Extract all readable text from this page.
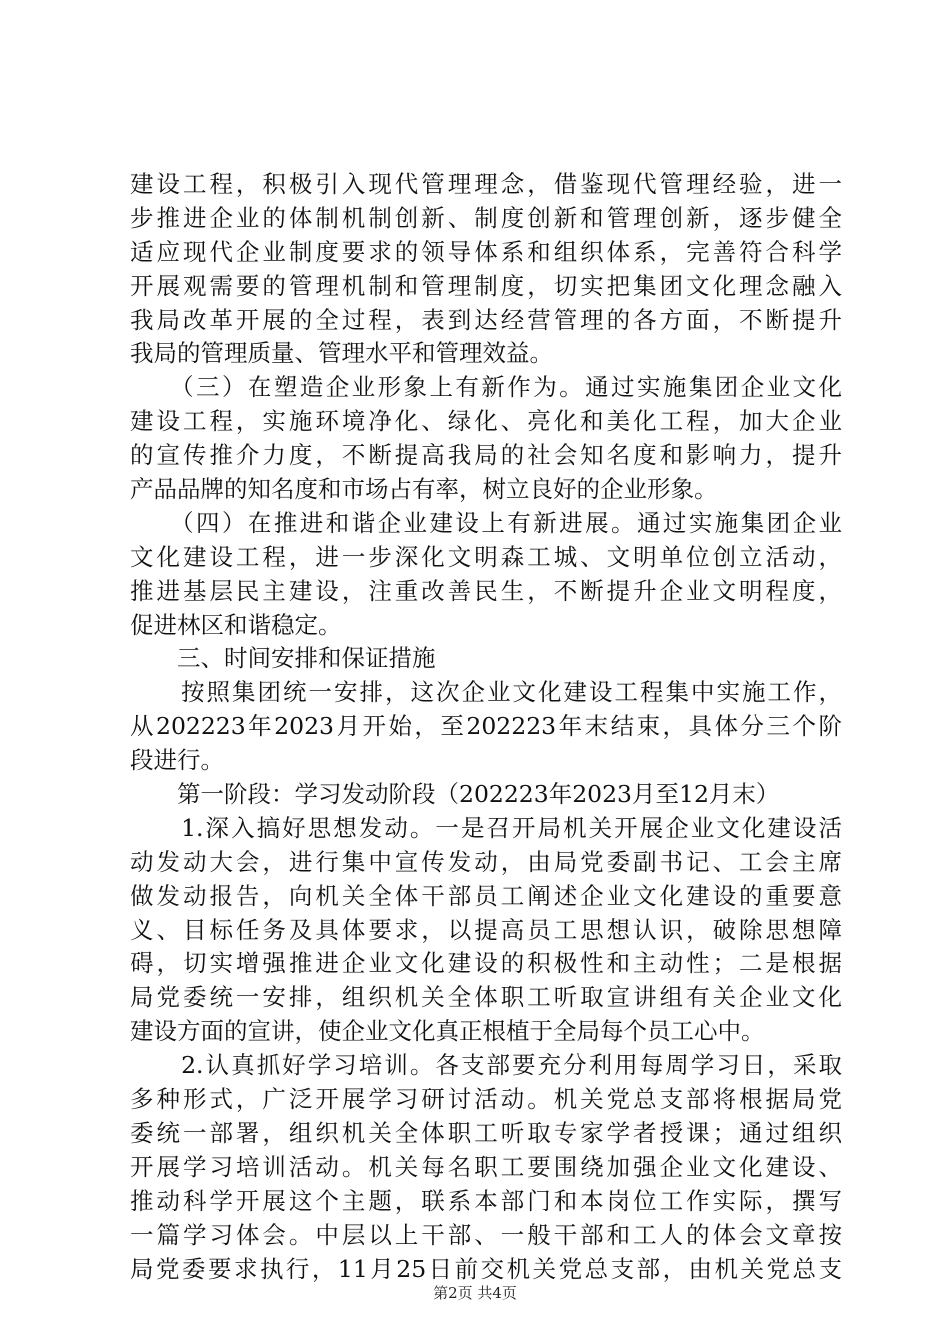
建设工程，积极引入现代管理理念，借鉴现代管理经验，进一
步推进企业的体制机制创新、制度创新和管理创新，逐步健全
适应现代企业制度要求的领导体系和组织体系，完善符合科学
开展观需要的管理机制和管理制度，切实把集团文化理念融入
我局改革开展的全过程，表到达经营管理的各方面，不断提升
我局的管理质量、管理水平和管理效益。
　　（三）在塑造企业形象上有新作为。通过实施集团企业文化
建设工程，实施环境净化、绿化、亮化和美化工程，加大企业
的宣传推介力度，不断提高我局的社会知名度和影响力，提升
产品品牌的知名度和市场占有率，树立良好的企业形象。
　　（四）在推进和谐企业建设上有新进展。通过实施集团企业
文化建设工程，进一步深化文明森工城、文明单位创立活动，
推进基层民主建设，注重改善民生，不断提升企业文明程度，
促进林区和谐稳定。
　　三、时间安排和保证措施
　　按照集团统一安排，这次企业文化建设工程集中实施工作，
从202223年2023月开始，至202223年末结束，具体分三个阶
段进行。
　　第一阶段：学习发动阶段（202223年2023月至12月末）
　　1.深入搞好思想发动。一是召开局机关开展企业文化建设活
动发动大会，进行集中宣传发动，由局党委副书记、工会主席
做发动报告，向机关全体干部员工阐述企业文化建设的重要意
义、目标任务及具体要求，以提高员工思想认识，破除思想障
碍，切实增强推进企业文化建设的积极性和主动性；二是根据
局党委统一安排，组织机关全体职工听取宣讲组有关企业文化
建设方面的宣讲，使企业文化真正根植于全局每个员工心中。
　　2.认真抓好学习培训。各支部要充分利用每周学习日，采取
多种形式，广泛开展学习研讨活动。机关党总支部将根据局党
委统一部署，组织机关全体职工听取专家学者授课；通过组织
开展学习培训活动。机关每名职工要围绕加强企业文化建设、
推动科学开展这个主题，联系本部门和本岗位工作实际，撰写
一篇学习体会。中层以上干部、一般干部和工人的体会文章按
局党委要求执行，11月25日前交机关党总支部，由机关党总支
第2页 共4页
